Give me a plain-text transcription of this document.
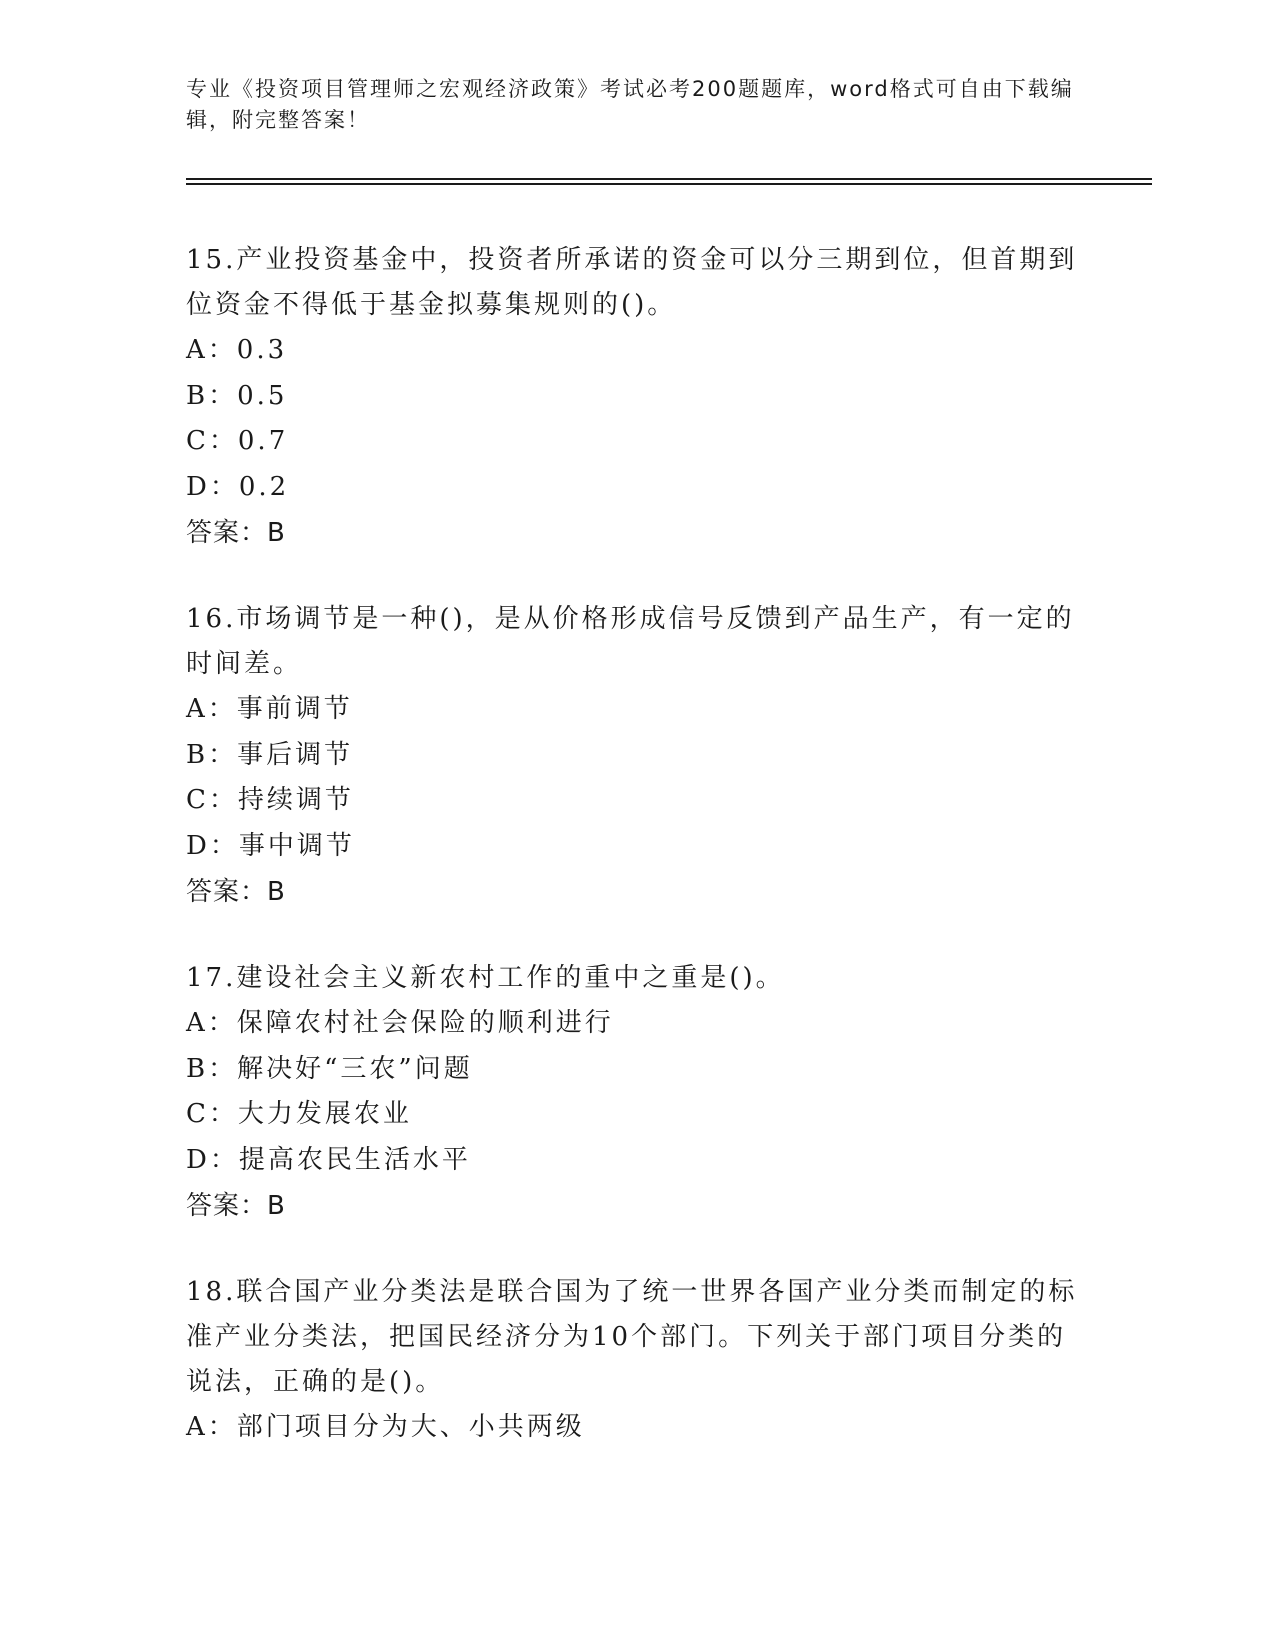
专业《投资项目管理师之宏观经济政策》考试必考200题题库，word格式可自由下载编辑，附完整答案！
15.产业投资基金中，投资者所承诺的资金可以分三期到位，但首期到位资金不得低于基金拟募集规则的()。
A：0.3
B：0.5
C：0.7
D：0.2
答案：B
16.市场调节是一种()，是从价格形成信号反馈到产品生产，有一定的时间差。
A：事前调节
B：事后调节
C：持续调节
D：事中调节
答案：B
17.建设社会主义新农村工作的重中之重是()。
A：保障农村社会保险的顺利进行
B：解决好“三农”问题
C：大力发展农业
D：提高农民生活水平
答案：B
18.联合国产业分类法是联合国为了统一世界各国产业分类而制定的标准产业分类法，把国民经济分为10个部门。下列关于部门项目分类的说法，正确的是()。
A：部门项目分为大、小共两级
